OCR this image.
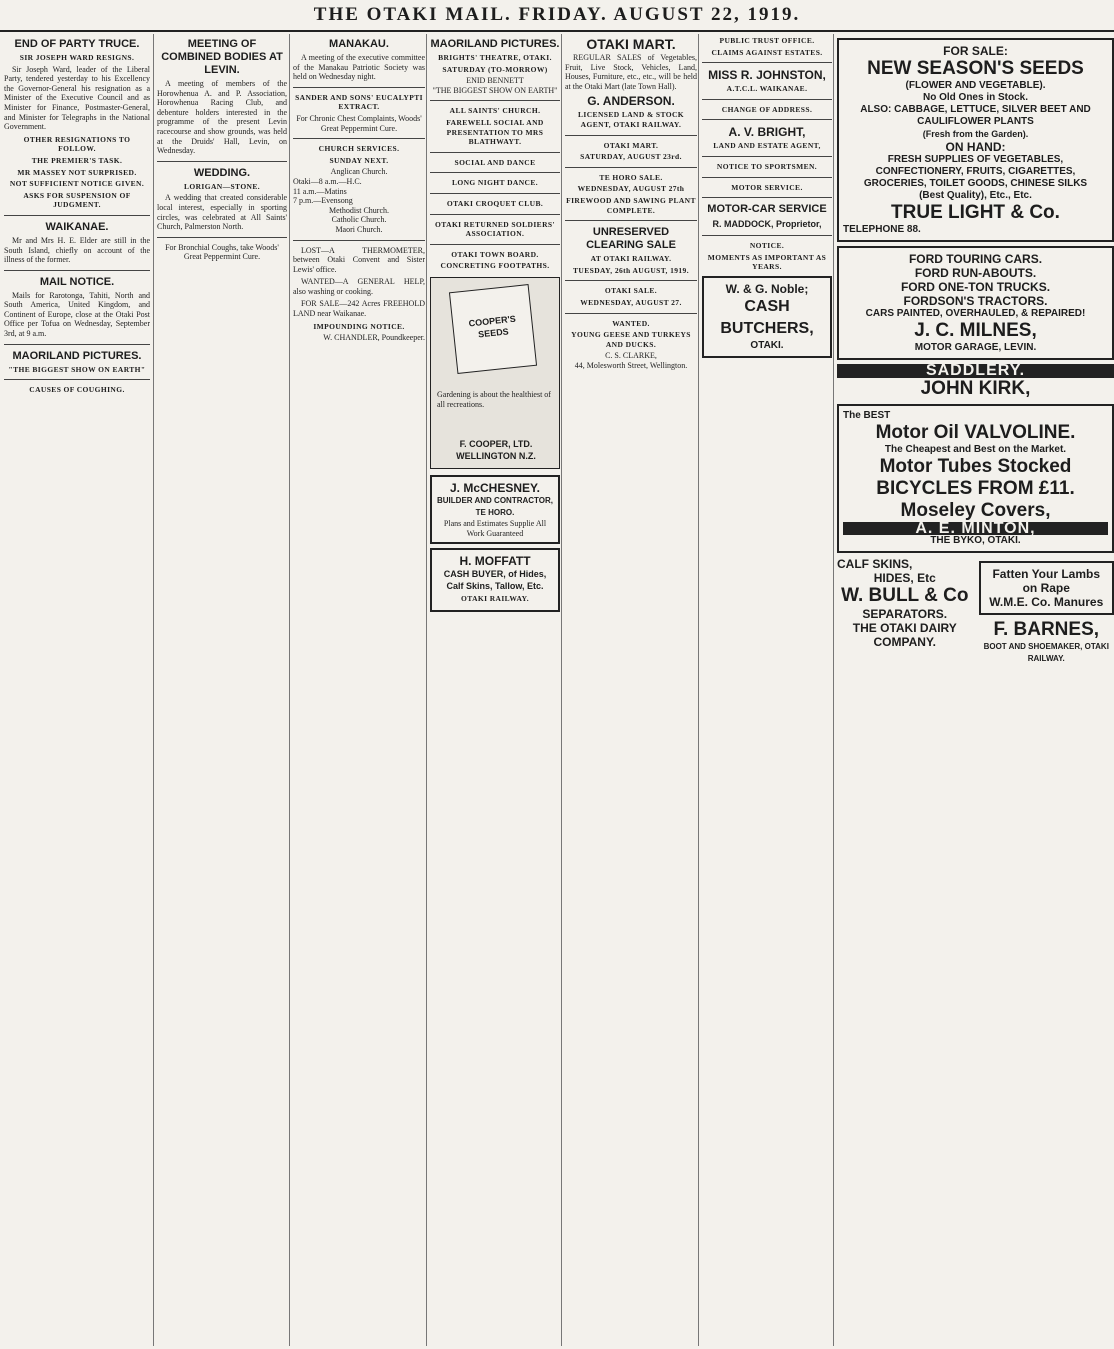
THE OTAKI MAIL. FRIDAY. AUGUST 22, 1919.
END OF PARTY TRUCE.
SIR JOSEPH WARD RESIGNS.

Sir Joseph Ward, leader of the Liberal Party, tendered yesterday to his Excellency the Governor-General his resignation as a Minister of the Executive Council and as Minister for Finance, Postmaster-General, and Minister for Telegraphs in the National Government.

OTHER RESIGNATIONS TO FOLLOW.
THE PREMIER'S TASK.
MR MASSEY NOT SURPRISED.
NOT SUFFICIENT NOTICE GIVEN.
ASKS FOR SUSPENSION OF JUDGMENT.
WAIKANAE.

Mr and Mrs H. E. Elder are still in the South Island, chiefly on account of the illness of the former.

MAIL NOTICE.

Mails for Rarotonga, Tahiti, North and South America, United Kingdom, and Continent of Europe, close at the Otaki Post Office per Tofua on Wednesday, September 3rd, at 9 a.m.

MAORILAND PICTURES.
"THE BIGGEST SHOW ON EARTH"
CAUSES OF COUGHING.
MEETING OF COMBINED BODIES AT LEVIN.

A meeting of members of the Horowhenua A. and P. Association, Horowhenua Racing Club, and debenture holders interested in the programme of the present Levin racecourse and show grounds, was held at the Druids' Hall, Levin, on Wednesday.

WEDDING.
LORIGAN—STONE.

A wedding that created considerable local interest, especially in sporting circles, was celebrated at All Saints' Church, Palmerston North.

For Bronchial Coughs, take Woods' Great Peppermint Cure.
MANAKAU.

A meeting of the executive committee of the Manakau Patriotic Society was held on Wednesday night.

SANDER AND SONS' EUCALYPTI EXTRACT.
For Chronic Chest Complaints, Woods' Great Peppermint Cure.
CHURCH SERVICES.
SUNDAY NEXT.
Anglican Church.
Otaki—8 a.m.—H.C.
11 a.m.—Matins
7 p.m.—Evensong
Methodist Church.
Catholic Church.
Maori Church.

LOST—A THERMOMETER, between Otaki Convent and Sister Lewis' office.

WANTED—A GENERAL HELP, also washing or cooking.

FOR SALE—242 Acres FREEHOLD LAND near Waikanae.

IMPOUNDING NOTICE.
W. CHANDLER, Poundkeeper.
MAORILAND PICTURES.
BRIGHTS' THEATRE, OTAKI.
SATURDAY (TO-MORROW)
ENID BENNETT
"THE BIGGEST SHOW ON EARTH"
ALL SAINTS' CHURCH.
FAREWELL SOCIAL AND PRESENTATION TO MRS BLATHWAYT.
SOCIAL AND DANCE
LONG NIGHT DANCE.
OTAKI CROQUET CLUB.
OTAKI RETURNED SOLDIERS' ASSOCIATION.
OTAKI TOWN BOARD.
CONCRETING FOOTPATHS.
COOPER'S SEEDS
Gardening is about the healthiest of all recreations.
F. COOPER, LTD. WELLINGTON N.Z.
J. McCHESNEY.
BUILDER AND CONTRACTOR, TE HORO.
Plans and Estimates Supplie All Work Guaranteed
H. MOFFATT
CASH BUYER, of Hides, Calf Skins, Tallow, Etc.
OTAKI RAILWAY.
OTAKI MART.

REGULAR SALES of Vegetables, Fruit, Live Stock, Vehicles, Land, Houses, Furniture, etc., etc., will be held at the Otaki Mart (late Town Hall).

G. ANDERSON.
LICENSED LAND & STOCK AGENT, OTAKI RAILWAY.
OTAKI MART.
SATURDAY, AUGUST 23rd.
TE HORO SALE.
WEDNESDAY, AUGUST 27th
FIREWOOD AND SAWING PLANT COMPLETE.
UNRESERVED CLEARING SALE
AT OTAKI RAILWAY.
TUESDAY, 26th AUGUST, 1919.
OTAKI SALE.
WEDNESDAY, AUGUST 27.
WANTED.
YOUNG GEESE AND TURKEYS AND DUCKS.
C. S. CLARKE,
44, Molesworth Street, Wellington.
PUBLIC TRUST OFFICE.
CLAIMS AGAINST ESTATES.
MISS R. JOHNSTON,
A.T.C.L. WAIKANAE.
CHANGE OF ADDRESS.
A. V. BRIGHT,
LAND AND ESTATE AGENT,
NOTICE TO SPORTSMEN.
MOTOR SERVICE.
MOTOR-CAR SERVICE
R. MADDOCK, Proprietor,
NOTICE.
MOMENTS AS IMPORTANT AS YEARS.
W. & G. Noble;
CASH BUTCHERS,
OTAKI.
FOR SALE:
NEW SEASON'S SEEDS
(FLOWER AND VEGETABLE).
No Old Ones in Stock.
ALSO: CABBAGE, LETTUCE, SILVER BEET AND CAULIFLOWER PLANTS
(Fresh from the Garden).
ON HAND:
FRESH SUPPLIES OF VEGETABLES, CONFECTIONERY, FRUITS, CIGARETTES, GROCERIES, TOILET GOODS, CHINESE SILKS
(Best Quality), Etc., Etc.
TRUE LIGHT & Co.
TELEPHONE 88.
FORD TOURING CARS.
FORD RUN-ABOUTS.
FORD ONE-TON TRUCKS.
FORDSON'S TRACTORS.
CARS PAINTED, OVERHAULED, & REPAIRED!
J. C. MILNES,
MOTOR GARAGE, LEVIN.
SADDLERY.
JOHN KIRK,
The BEST
Motor Oil VALVOLINE.
The Cheapest and Best on the Market.
Motor Tubes Stocked
BICYCLES FROM £11.
Moseley Covers,
A. E. MINTON,
THE BYKO, OTAKI.
CALF SKINS,
HIDES, Etc
W. BULL & Co
SEPARATORS.
THE OTAKI DAIRY COMPANY.
Fatten Your Lambs on Rape
W.M.E. Co. Manures
F. BARNES,
BOOT AND SHOEMAKER, OTAKI RAILWAY.
